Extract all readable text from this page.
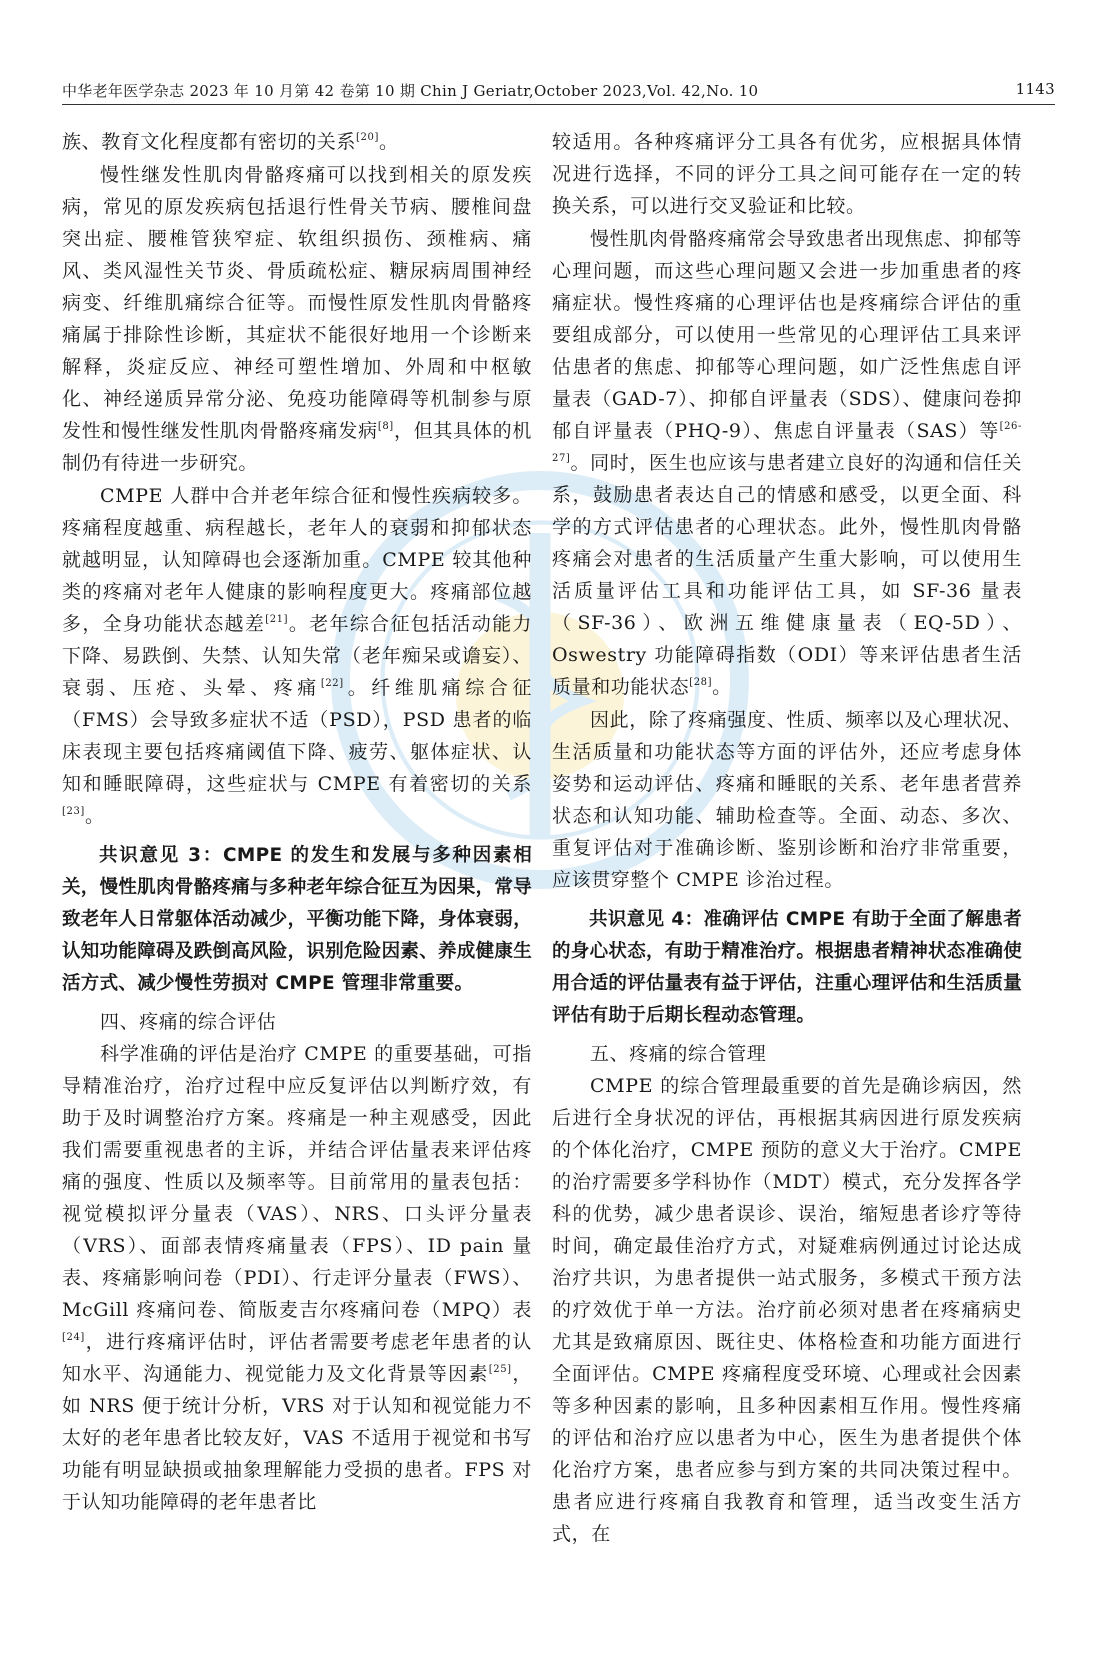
中华老年医学杂志 2023 年 10 月第 42 卷第 10 期 Chin J Geriatr,October 2023,Vol. 42,No. 10	1143

族、教育文化程度都有密切的关系[20]。

慢性继发性肌肉骨骼疼痛可以找到相关的原发疾病，常见的原发疾病包括退行性骨关节病、腰椎间盘突出症、腰椎管狭窄症、软组织损伤、颈椎病、痛风、类风湿性关节炎、骨质疏松症、糖尿病周围神经病变、纤维肌痛综合征等。而慢性原发性肌肉骨骼疼痛属于排除性诊断，其症状不能很好地用一个诊断来解释，炎症反应、神经可塑性增加、外周和中枢敏化、神经递质异常分泌、免疫功能障碍等机制参与原发性和慢性继发性肌肉骨骼疼痛发病[8]，但其具体的机制仍有待进一步研究。

CMPE 人群中合并老年综合征和慢性疾病较多。疼痛程度越重、病程越长，老年人的衰弱和抑郁状态就越明显，认知障碍也会逐渐加重。CMPE 较其他种类的疼痛对老年人健康的影响程度更大。疼痛部位越多，全身功能状态越差[21]。老年综合征包括活动能力下降、易跌倒、失禁、认知失常（老年痴呆或谵妄）、衰弱、压疮、头晕、疼痛[22]。纤维肌痛综合征（FMS）会导致多症状不适（PSD），PSD 患者的临床表现主要包括疼痛阈值下降、疲劳、躯体症状、认知和睡眠障碍，这些症状与 CMPE 有着密切的关系[23]。

共识意见 3：CMPE 的发生和发展与多种因素相关，慢性肌肉骨骼疼痛与多种老年综合征互为因果，常导致老年人日常躯体活动减少，平衡功能下降，身体衰弱，认知功能障碍及跌倒高风险，识别危险因素、养成健康生活方式、减少慢性劳损对 CMPE 管理非常重要。

四、疼痛的综合评估

科学准确的评估是治疗 CMPE 的重要基础，可指导精准治疗，治疗过程中应反复评估以判断疗效，有助于及时调整治疗方案。疼痛是一种主观感受，因此我们需要重视患者的主诉，并结合评估量表来评估疼痛的强度、性质以及频率等。目前常用的量表包括：视觉模拟评分量表（VAS）、NRS、口头评分量表（VRS）、面部表情疼痛量表（FPS）、ID pain 量表、疼痛影响问卷（PDI）、行走评分量表（FWS）、McGill 疼痛问卷、简版麦吉尔疼痛问卷（MPQ）表[24]，进行疼痛评估时，评估者需要考虑老年患者的认知水平、沟通能力、视觉能力及文化背景等因素[25]，如 NRS 便于统计分析，VRS 对于认知和视觉能力不太好的老年患者比较友好，VAS 不适用于视觉和书写功能有明显缺损或抽象理解能力受损的患者。FPS 对于认知功能障碍的老年患者比

较适用。各种疼痛评分工具各有优劣，应根据具体情况进行选择，不同的评分工具之间可能存在一定的转换关系，可以进行交叉验证和比较。

慢性肌肉骨骼疼痛常会导致患者出现焦虑、抑郁等心理问题，而这些心理问题又会进一步加重患者的疼痛症状。慢性疼痛的心理评估也是疼痛综合评估的重要组成部分，可以使用一些常见的心理评估工具来评估患者的焦虑、抑郁等心理问题，如广泛性焦虑自评量表（GAD-7）、抑郁自评量表（SDS）、健康问卷抑郁自评量表（PHQ-9）、焦虑自评量表（SAS）等[26-27]。同时，医生也应该与患者建立良好的沟通和信任关系，鼓励患者表达自己的情感和感受，以更全面、科学的方式评估患者的心理状态。此外，慢性肌肉骨骼疼痛会对患者的生活质量产生重大影响，可以使用生活质量评估工具和功能评估工具，如 SF-36 量表（SF-36）、欧洲五维健康量表（EQ-5D）、Oswestry 功能障碍指数（ODI）等来评估患者生活质量和功能状态[28]。

因此，除了疼痛强度、性质、频率以及心理状况、生活质量和功能状态等方面的评估外，还应考虑身体姿势和运动评估、疼痛和睡眠的关系、老年患者营养状态和认知功能、辅助检查等。全面、动态、多次、重复评估对于准确诊断、鉴别诊断和治疗非常重要，应该贯穿整个 CMPE 诊治过程。

共识意见 4：准确评估 CMPE 有助于全面了解患者的身心状态，有助于精准治疗。根据患者精神状态准确使用合适的评估量表有益于评估，注重心理评估和生活质量评估有助于后期长程动态管理。

五、疼痛的综合管理

CMPE 的综合管理最重要的首先是确诊病因，然后进行全身状况的评估，再根据其病因进行原发疾病的个体化治疗，CMPE 预防的意义大于治疗。CMPE 的治疗需要多学科协作（MDT）模式，充分发挥各学科的优势，减少患者误诊、误治，缩短患者诊疗等待时间，确定最佳治疗方式，对疑难病例通过讨论达成治疗共识，为患者提供一站式服务，多模式干预方法的疗效优于单一方法。治疗前必须对患者在疼痛病史尤其是致痛原因、既往史、体格检查和功能方面进行全面评估。CMPE 疼痛程度受环境、心理或社会因素等多种因素的影响，且多种因素相互作用。慢性疼痛的评估和治疗应以患者为中心，医生为患者提供个体化治疗方案，患者应参与到方案的共同决策过程中。患者应进行疼痛自我教育和管理，适当改变生活方式，在
